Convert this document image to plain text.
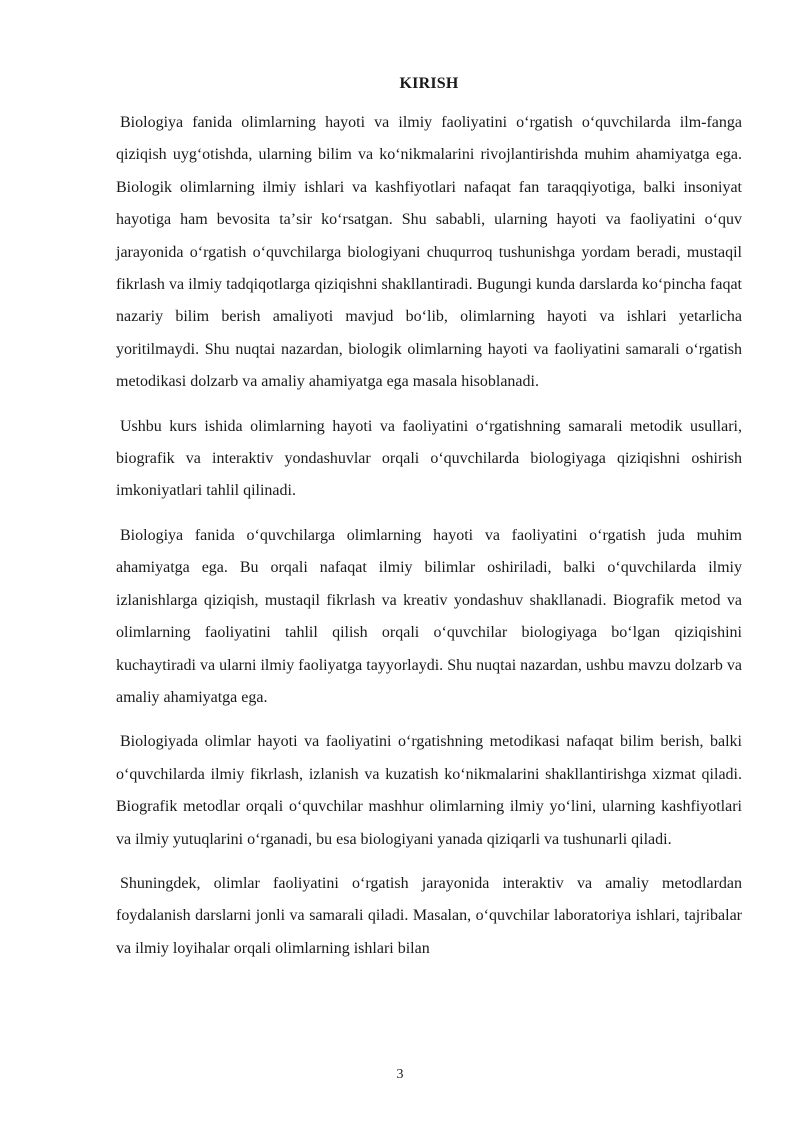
KIRISH

Biologiya fanida olimlarning hayoti va ilmiy faoliyatini oʻrgatish oʻquvchilarda ilm-fanga qiziqish uygʻotishda, ularning bilim va koʻnikmalarini rivojlantirishda muhim ahamiyatga ega. Biologik olimlarning ilmiy ishlari va kashfiyotlari nafaqat fan taraqqiyotiga, balki insoniyat hayotiga ham bevosita taʼsir koʻrsatgan. Shu sababli, ularning hayoti va faoliyatini oʻquv jarayonida oʻrgatish oʻquvchilarga biologiyani chuqurroq tushunishga yordam beradi, mustaqil fikrlash va ilmiy tadqiqotlarga qiziqishni shakllantiradi. Bugungi kunda darslarda koʻpincha faqat nazariy bilim berish amaliyoti mavjud boʻlib, olimlarning hayoti va ishlari yetarlicha yoritilmaydi. Shu nuqtai nazardan, biologik olimlarning hayoti va faoliyatini samarali oʻrgatish metodikasi dolzarb va amaliy ahamiyatga ega masala hisoblanadi.

Ushbu kurs ishida olimlarning hayoti va faoliyatini oʻrgatishning samarali metodik usullari, biografik va interaktiv yondashuvlar orqali oʻquvchilarda biologiyaga qiziqishni oshirish imkoniyatlari tahlil qilinadi.

Biologiya fanida oʻquvchilarga olimlarning hayoti va faoliyatini oʻrgatish juda muhim ahamiyatga ega. Bu orqali nafaqat ilmiy bilimlar oshiriladi, balki oʻquvchilarda ilmiy izlanishlarga qiziqish, mustaqil fikrlash va kreativ yondashuv shakllanadi. Biografik metod va olimlarning faoliyatini tahlil qilish orqali oʻquvchilar biologiyaga boʻlgan qiziqishini kuchaytiradi va ularni ilmiy faoliyatga tayyorlaydi. Shu nuqtai nazardan, ushbu mavzu dolzarb va amaliy ahamiyatga ega.

Biologiyada olimlar hayoti va faoliyatini oʻrgatishning metodikasi nafaqat bilim berish, balki oʻquvchilarda ilmiy fikrlash, izlanish va kuzatish koʻnikmalarini shakllantirishga xizmat qiladi. Biografik metodlar orqali oʻquvchilar mashhur olimlarning ilmiy yoʻlini, ularning kashfiyotlari va ilmiy yutuqlarini oʻrganadi, bu esa biologiyani yanada qiziqarli va tushunarli qiladi.

Shuningdek, olimlar faoliyatini oʻrgatish jarayonida interaktiv va amaliy metodlardan foydalanish darslarni jonli va samarali qiladi. Masalan, oʻquvchilar laboratoriya ishlari, tajribalar va ilmiy loyihalar orqali olimlarning ishlari bilan

3
